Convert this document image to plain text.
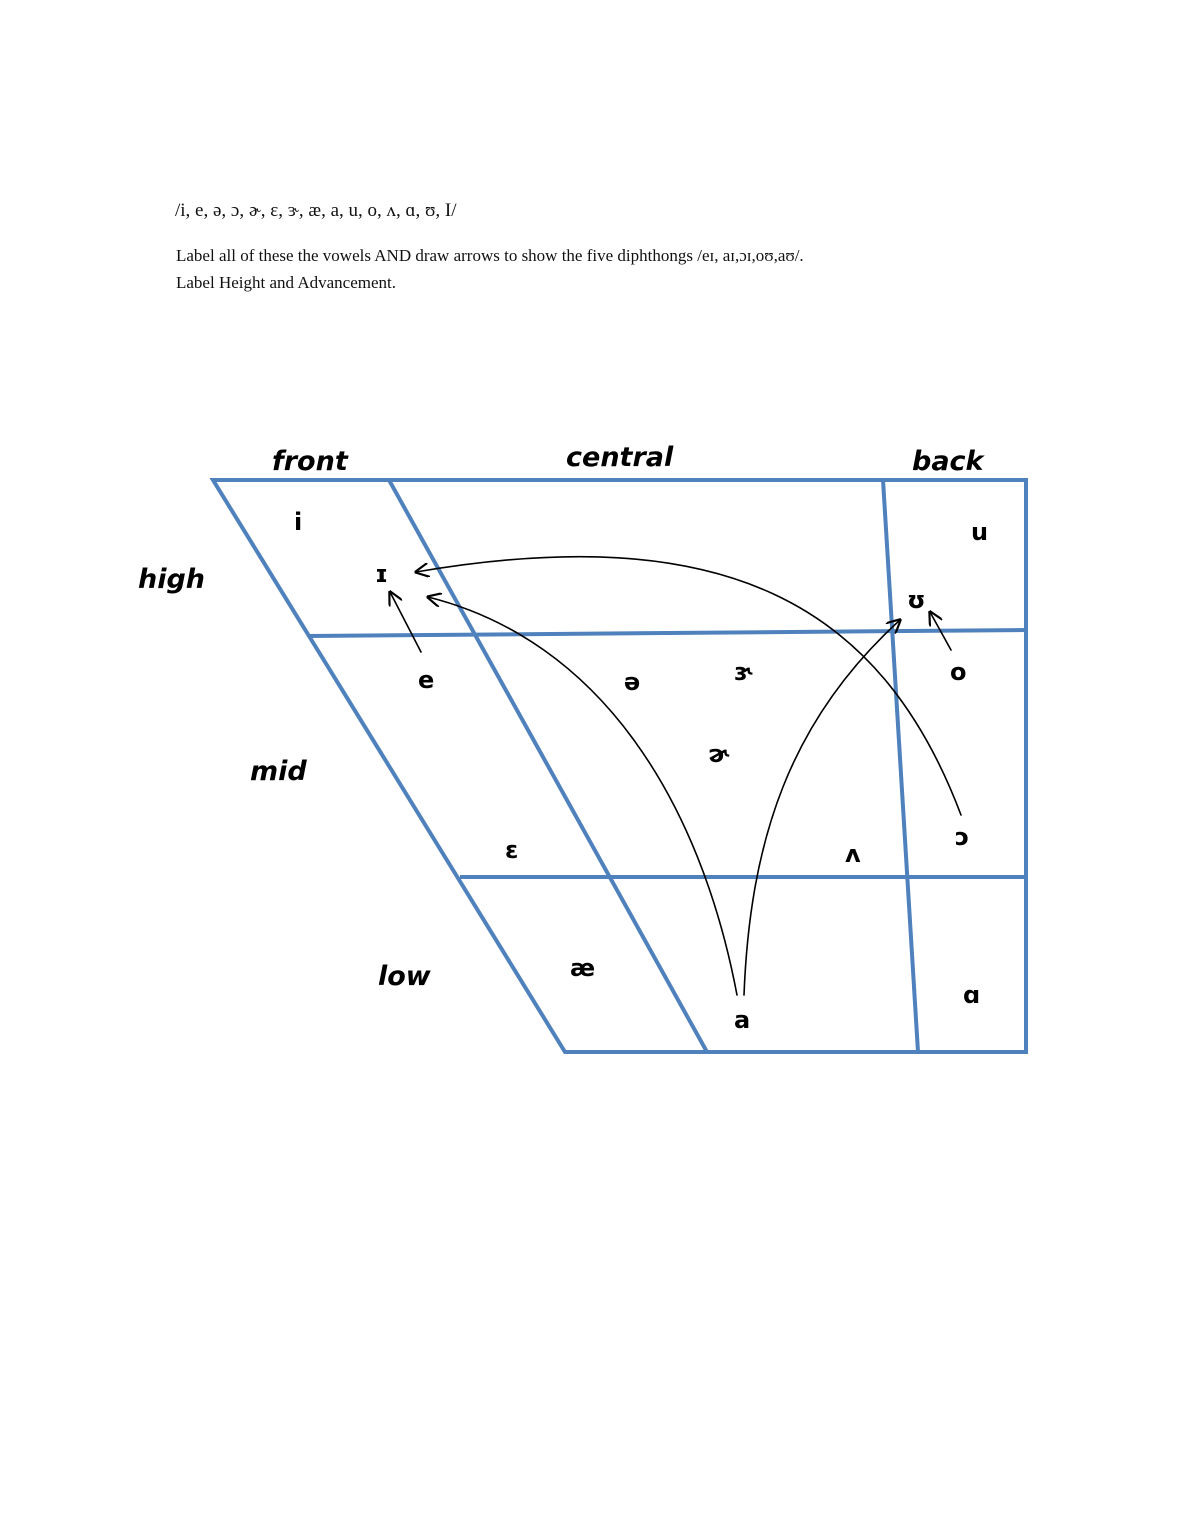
/i, e, ə, ɔ, ɚ, ɛ, ɝ, æ, a, u, o, ʌ, ɑ, ʊ, I/
Label all of these the vowels AND draw arrows to show the five diphthongs /eɪ, aɪ,ɔɪ,oʊ,aʊ/.
Label Height and Advancement.
front	central	back
high
mid
low
i	u
ɪ
ʊ
e	ə	ɝ	o
ɚ
ɛ	ʌ
ɔ
æ
a
ɑ
